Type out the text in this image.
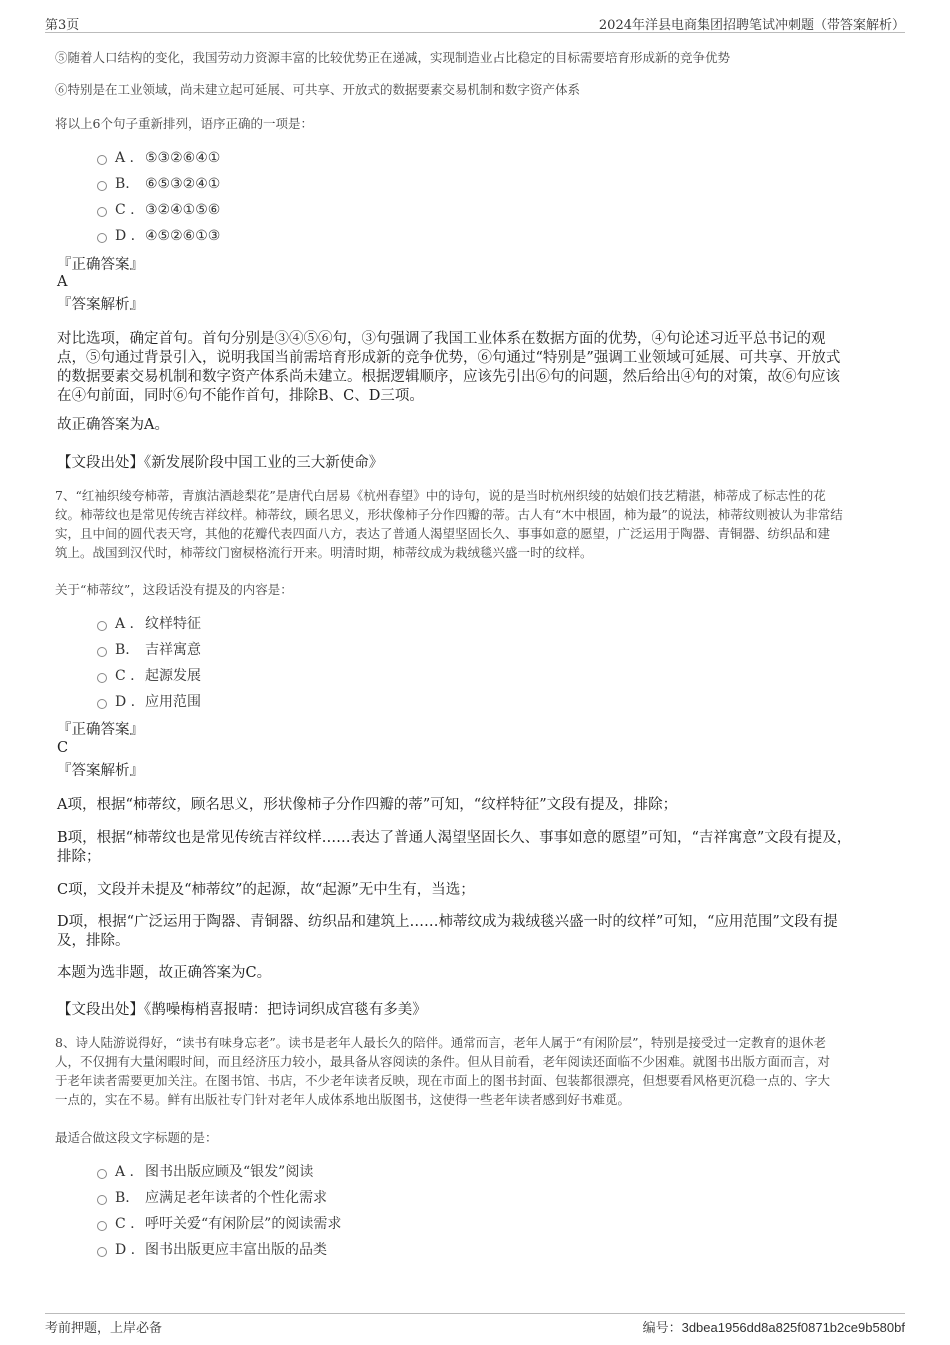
第3页	2024年洋县电商集团招聘笔试冲刺题（带答案解析）
⑤随着人口结构的变化，我国劳动力资源丰富的比较优势正在递减，实现制造业占比稳定的目标需要培育形成新的竞争优势
⑥特别是在工业领域，尚未建立起可延展、可共享、开放式的数据要素交易机制和数字资产体系
将以上6个句子重新排列，语序正确的一项是：
A . ⑤③②⑥④①
B. ⑥⑤③②④①
C . ③②④①⑤⑥
D . ④⑤②⑥①③
『正确答案』
A
『答案解析』
对比选项，确定首句。首句分别是③④⑤⑥句，③句强调了我国工业体系在数据方面的优势，④句论述习近平总书记的观
点，⑤句通过背景引入，说明我国当前需培育形成新的竞争优势，⑥句通过“特别是”强调工业领域可延展、可共享、开放式
的数据要素交易机制和数字资产体系尚未建立。根据逻辑顺序，应该先引出⑥句的问题，然后给出④句的对策，故⑥句应该
在④句前面，同时⑥句不能作首句，排除B、C、D三项。
故正确答案为A。
【文段出处】《新发展阶段中国工业的三大新使命》
7、“红袖织绫夸柿蒂，青旗沽酒趁梨花”是唐代白居易《杭州春望》中的诗句，说的是当时杭州织绫的姑娘们技艺精湛，柿蒂成了标志性的花
纹。柿蒂纹也是常见传统吉祥纹样。柿蒂纹，顾名思义，形状像柿子分作四瓣的蒂。古人有“木中根固，柿为最”的说法，柿蒂纹则被认为非常结
实，且中间的圆代表天穹，其他的花瓣代表四面八方，表达了普通人渴望坚固长久、事事如意的愿望，广泛运用于陶器、青铜器、纺织品和建
筑上。战国到汉代时，柿蒂纹门窗棂格流行开来。明清时期，柿蒂纹成为栽绒毯兴盛一时的纹样。
关于“柿蒂纹”，这段话没有提及的内容是：
A . 纹样特征
B. 吉祥寓意
C . 起源发展
D . 应用范围
『正确答案』
C
『答案解析』
A项，根据“柿蒂纹，顾名思义，形状像柿子分作四瓣的蒂”可知，“纹样特征”文段有提及，排除；
B项，根据“柿蒂纹也是常见传统吉祥纹样……表达了普通人渴望坚固长久、事事如意的愿望”可知，“吉祥寓意”文段有提及，
排除；
C项，文段并未提及“柿蒂纹”的起源，故“起源”无中生有，当选；
D项，根据“广泛运用于陶器、青铜器、纺织品和建筑上……柿蒂纹成为栽绒毯兴盛一时的纹样”可知，“应用范围”文段有提
及，排除。
本题为选非题，故正确答案为C。
【文段出处】《鹊噪梅梢喜报晴：把诗词织成宫毯有多美》
8、诗人陆游说得好，“读书有味身忘老”。读书是老年人最长久的陪伴。通常而言，老年人属于“有闲阶层”，特别是接受过一定教育的退休老
人，不仅拥有大量闲暇时间，而且经济压力较小，最具备从容阅读的条件。但从目前看，老年阅读还面临不少困难。就图书出版方面而言，对
于老年读者需要更加关注。在图书馆、书店，不少老年读者反映，现在市面上的图书封面、包装都很漂亮，但想要看风格更沉稳一点的、字大
一点的，实在不易。鲜有出版社专门针对老年人成体系地出版图书，这使得一些老年读者感到好书难觅。
最适合做这段文字标题的是：
A . 图书出版应顾及“银发”阅读
B. 应满足老年读者的个性化需求
C . 呼吁关爱“有闲阶层”的阅读需求
D . 图书出版更应丰富出版的品类
考前押题，上岸必备	编号：3dbea1956dd8a825f0871b2ce9b580bf
